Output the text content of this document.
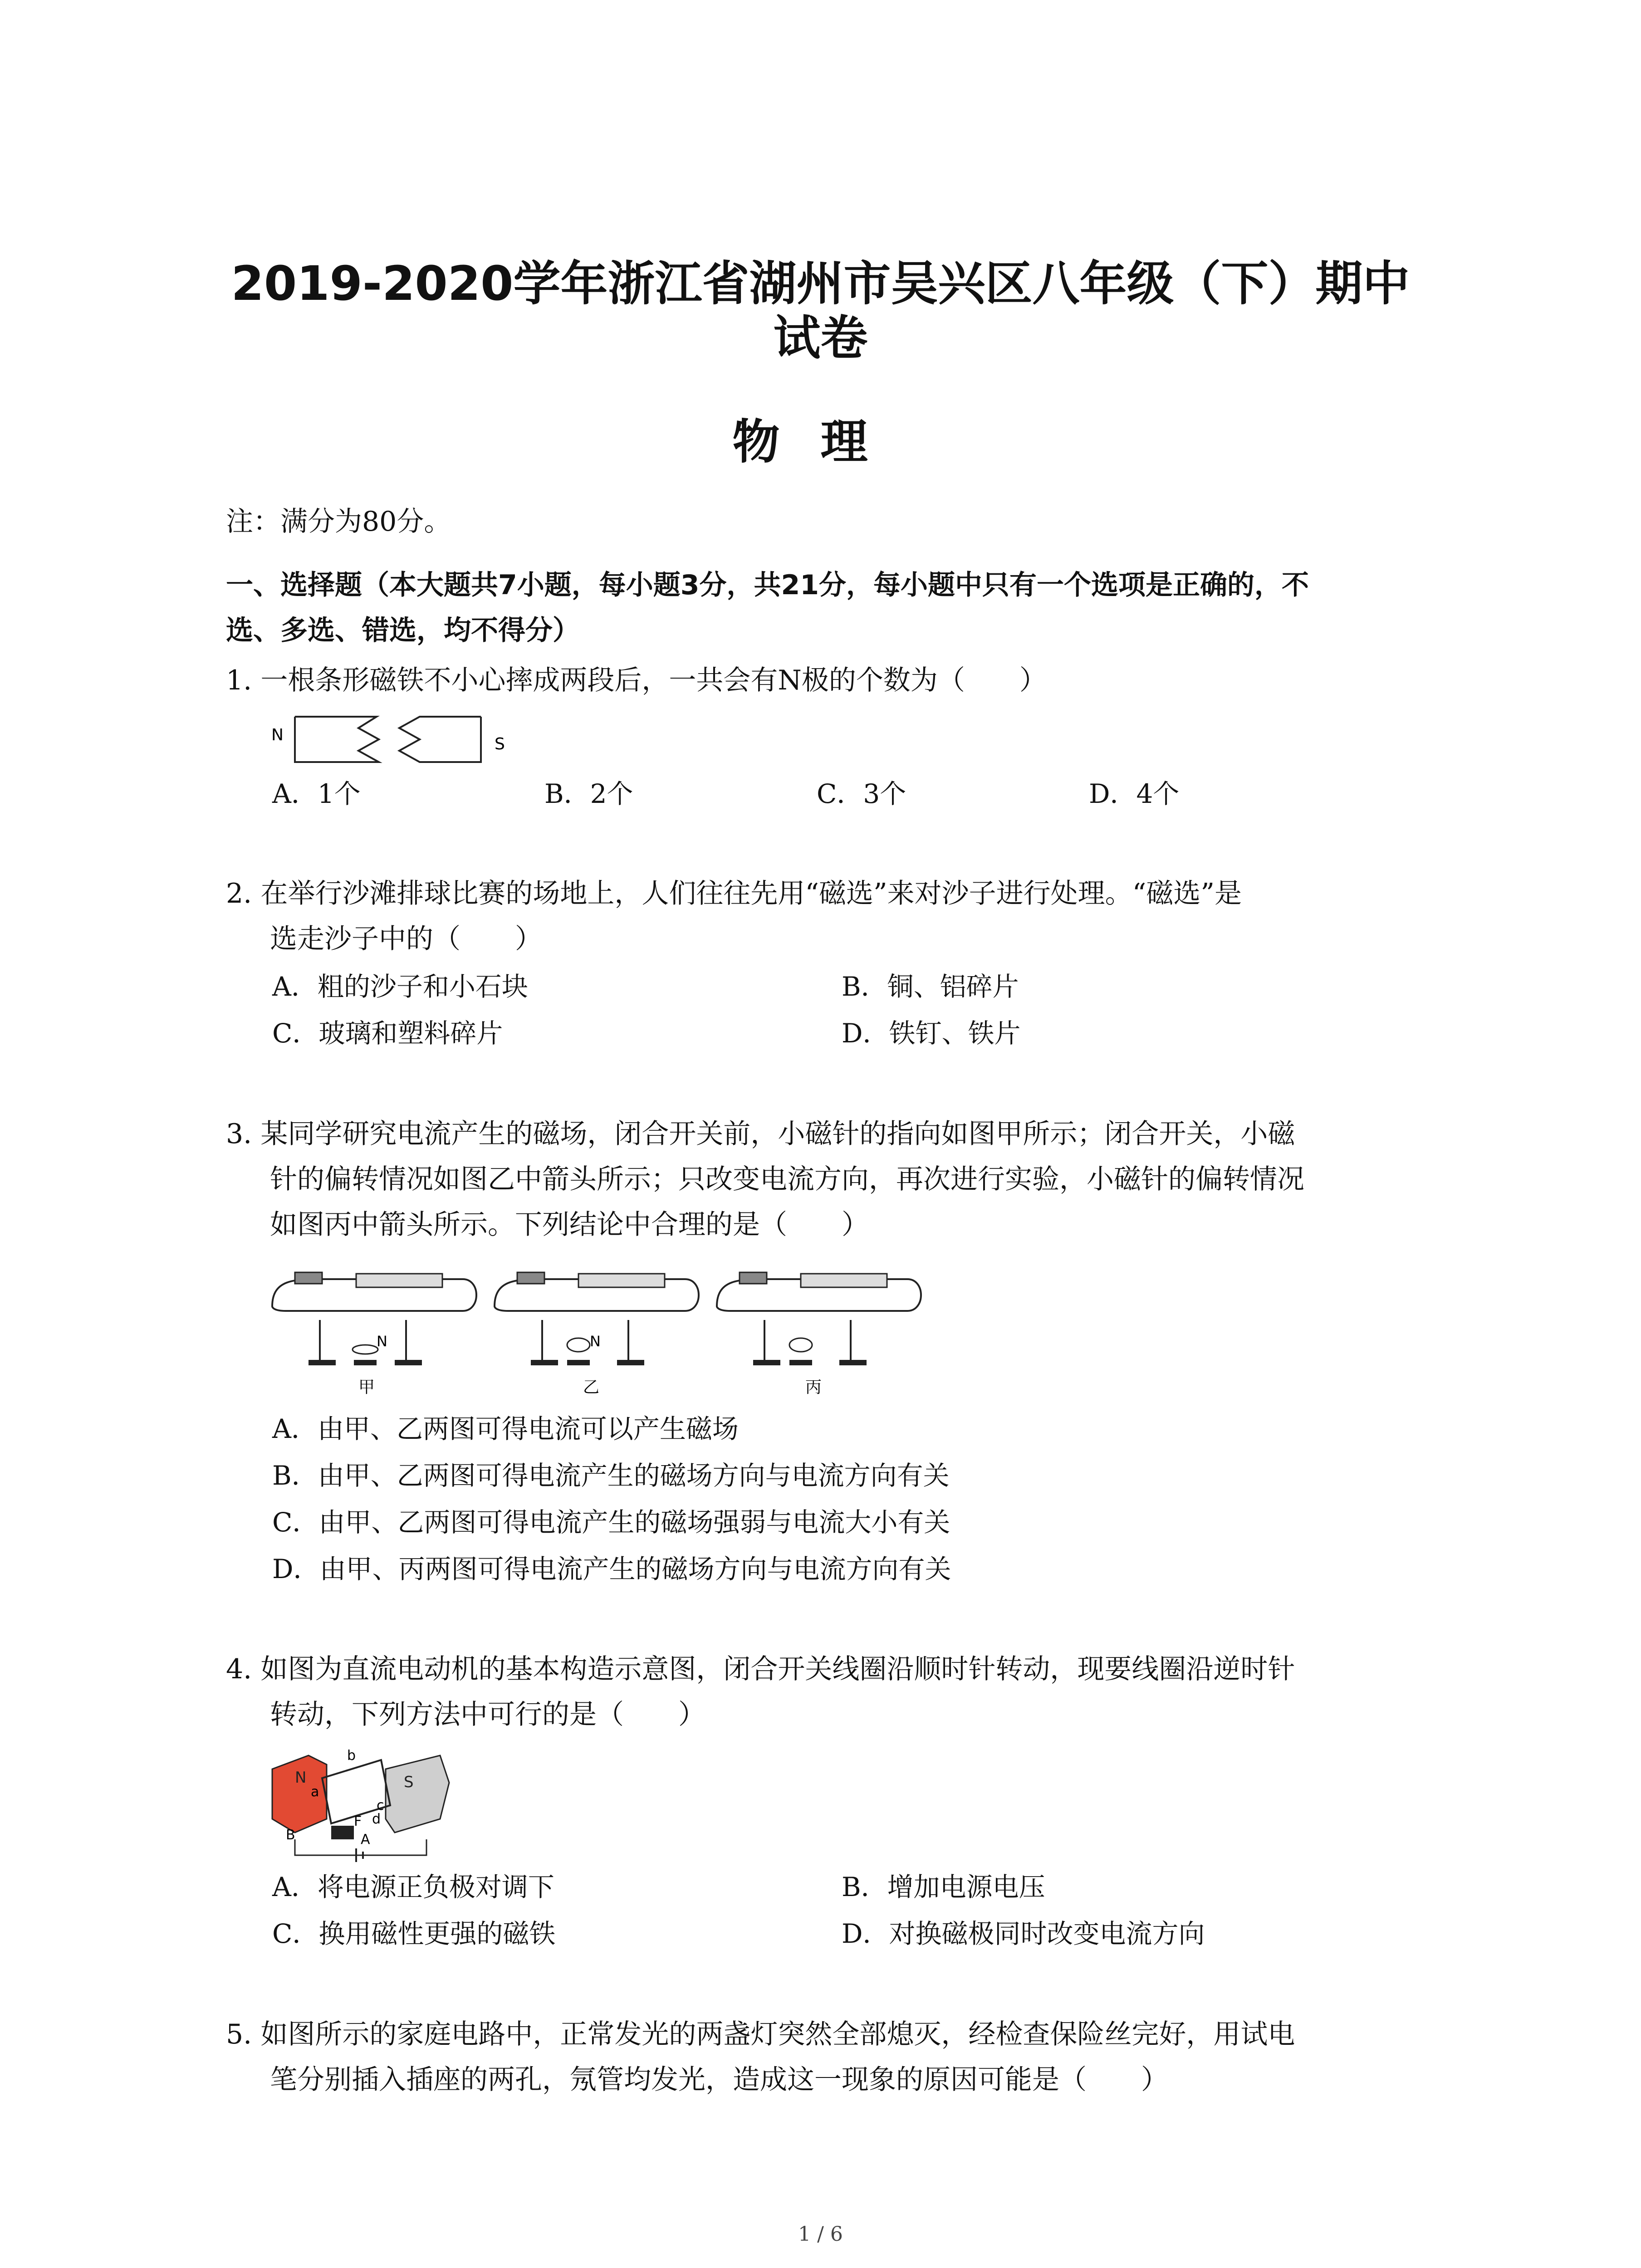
2019-2020学年浙江省湖州市吴兴区八年级（下）期中
试卷
物理
注：满分为80分。
一、选择题（本大题共7小题，每小题3分，共21分，每小题中只有一个选项是正确的，不
选、多选、错选，均不得分）
1. 一根条形磁铁不小心摔成两段后，一共会有N极的个数为（　　）
N	S
A．1个	B．2个	C．3个	D．4个
2. 在举行沙滩排球比赛的场地上，人们往往先用“磁选”来对沙子进行处理。“磁选”是
选走沙子中的（　　）
A．粗的沙子和小石块	B．铜、铝碎片
C．玻璃和塑料碎片	D．铁钉、铁片
3. 某同学研究电流产生的磁场，闭合开关前，小磁针的指向如图甲所示；闭合开关，小磁
针的偏转情况如图乙中箭头所示；只改变电流方向，再次进行实验，小磁针的偏转情况
如图丙中箭头所示。下列结论中合理的是（　　）
N
甲
N
乙	丙
A．由甲、乙两图可得电流可以产生磁场
B．由甲、乙两图可得电流产生的磁场方向与电流方向有关
C．由甲、乙两图可得电流产生的磁场强弱与电流大小有关
D．由甲、丙两图可得电流产生的磁场方向与电流方向有关
4. 如图为直流电动机的基本构造示意图，闭合开关线圈沿顺时针转动，现要线圈沿逆时针
转动，下列方法中可行的是（　　）
N	S
b
a
c
d
F
B	A
A．将电源正负极对调下	B．增加电源电压
C．换用磁性更强的磁铁	D．对换磁极同时改变电流方向
5. 如图所示的家庭电路中，正常发光的两盏灯突然全部熄灭，经检查保险丝完好，用试电
笔分别插入插座的两孔，氖管均发光，造成这一现象的原因可能是（　　）
1 / 6
